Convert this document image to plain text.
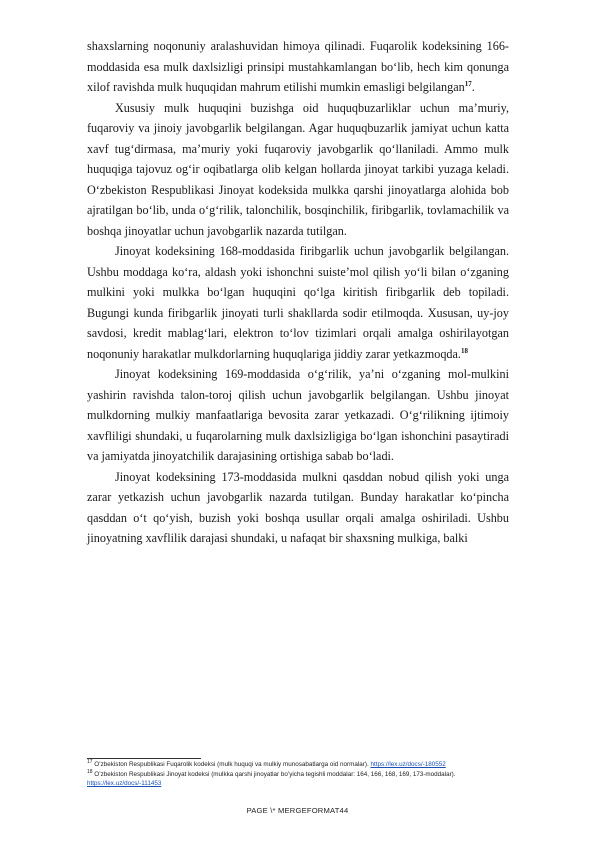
shaxslarning noqonuniy aralashuvidan himoya qilinadi. Fuqarolik kodeksining 166-moddasida esa mulk daxlsizligi prinsipi mustahkamlangan boʻlib, hech kim qonunga xilof ravishda mulk huquqidan mahrum etilishi mumkin emasligi belgilangan$^{17}$.

Xususiy mulk huquqini buzishga oid huquqbuzarliklar uchun maʼmuriy, fuqaroviy va jinoiy javobgarlik belgilangan. Agar huquqbuzarlik jamiyat uchun katta xavf tugʻdirmasa, maʼmuriy yoki fuqaroviy javobgarlik qoʻllaniladi. Ammo mulk huquqiga tajovuz ogʻir oqibatlarga olib kelgan hollarda jinoyat tarkibi yuzaga keladi. Oʻzbekiston Respublikasi Jinoyat kodeksida mulkka qarshi jinoyatlarga alohida bob ajratilgan boʻlib, unda oʻgʻrilik, talonchilik, bosqinchilik, firibgarlik, tovlamachilik va boshqa jinoyatlar uchun javobgarlik nazarda tutilgan.

Jinoyat kodeksining 168-moddasida firibgarlik uchun javobgarlik belgilangan. Ushbu moddaga koʻra, aldash yoki ishonchni suisteʼmol qilish yoʻli bilan oʻzganing mulkini yoki mulkka boʻlgan huquqini qoʻlga kiritish firibgarlik deb topiladi. Bugungi kunda firibgarlik jinoyati turli shakllarda sodir etilmoqda. Xususan, uy-joy savdosi, kredit mablagʻlari, elektron toʻlov tizimlari orqali amalga oshirilayotgan noqonuniy harakatlar mulkdorlarning huquqlariga jiddiy zarar yetkazmoqda.$^{18}$

Jinoyat kodeksining 169-moddasida oʻgʻrilik, yaʼni oʻzganing mol-mulkini yashirin ravishda talon-toroj qilish uchun javobgarlik belgilangan. Ushbu jinoyat mulkdorning mulkiy manfaatlariga bevosita zarar yetkazadi. Oʻgʻrilikning ijtimoiy xavfliligi shundaki, u fuqarolarning mulk daxlsizligiga boʻlgan ishonchini pasaytiradi va jamiyatda jinoyatchilik darajasining ortishiga sabab boʻladi.

Jinoyat kodeksining 173-moddasida mulkni qasddan nobud qilish yoki unga zarar yetkazish uchun javobgarlik nazarda tutilgan. Bunday harakatlar koʻpincha qasddan oʻt qoʻyish, buzish yoki boshqa usullar orqali amalga oshiriladi. Ushbu jinoyatning xavflilik darajasi shundaki, u nafaqat bir shaxsning mulkiga, balki

$^{17}$ Oʻzbekiston Respublikasi Fuqarolik kodeksi (mulk huquqi va mulkiy munosabatlarga oid normalar). https://lex.uz/docs/-180552

$^{18}$ Oʻzbekiston Respublikasi Jinoyat kodeksi (mulkka qarshi jinoyatlar boʻyicha tegishli moddalar: 164, 166, 168, 169, 173-moddalar). https://lex.uz/docs/-111453

PAGE \* MERGEFORMAT44
